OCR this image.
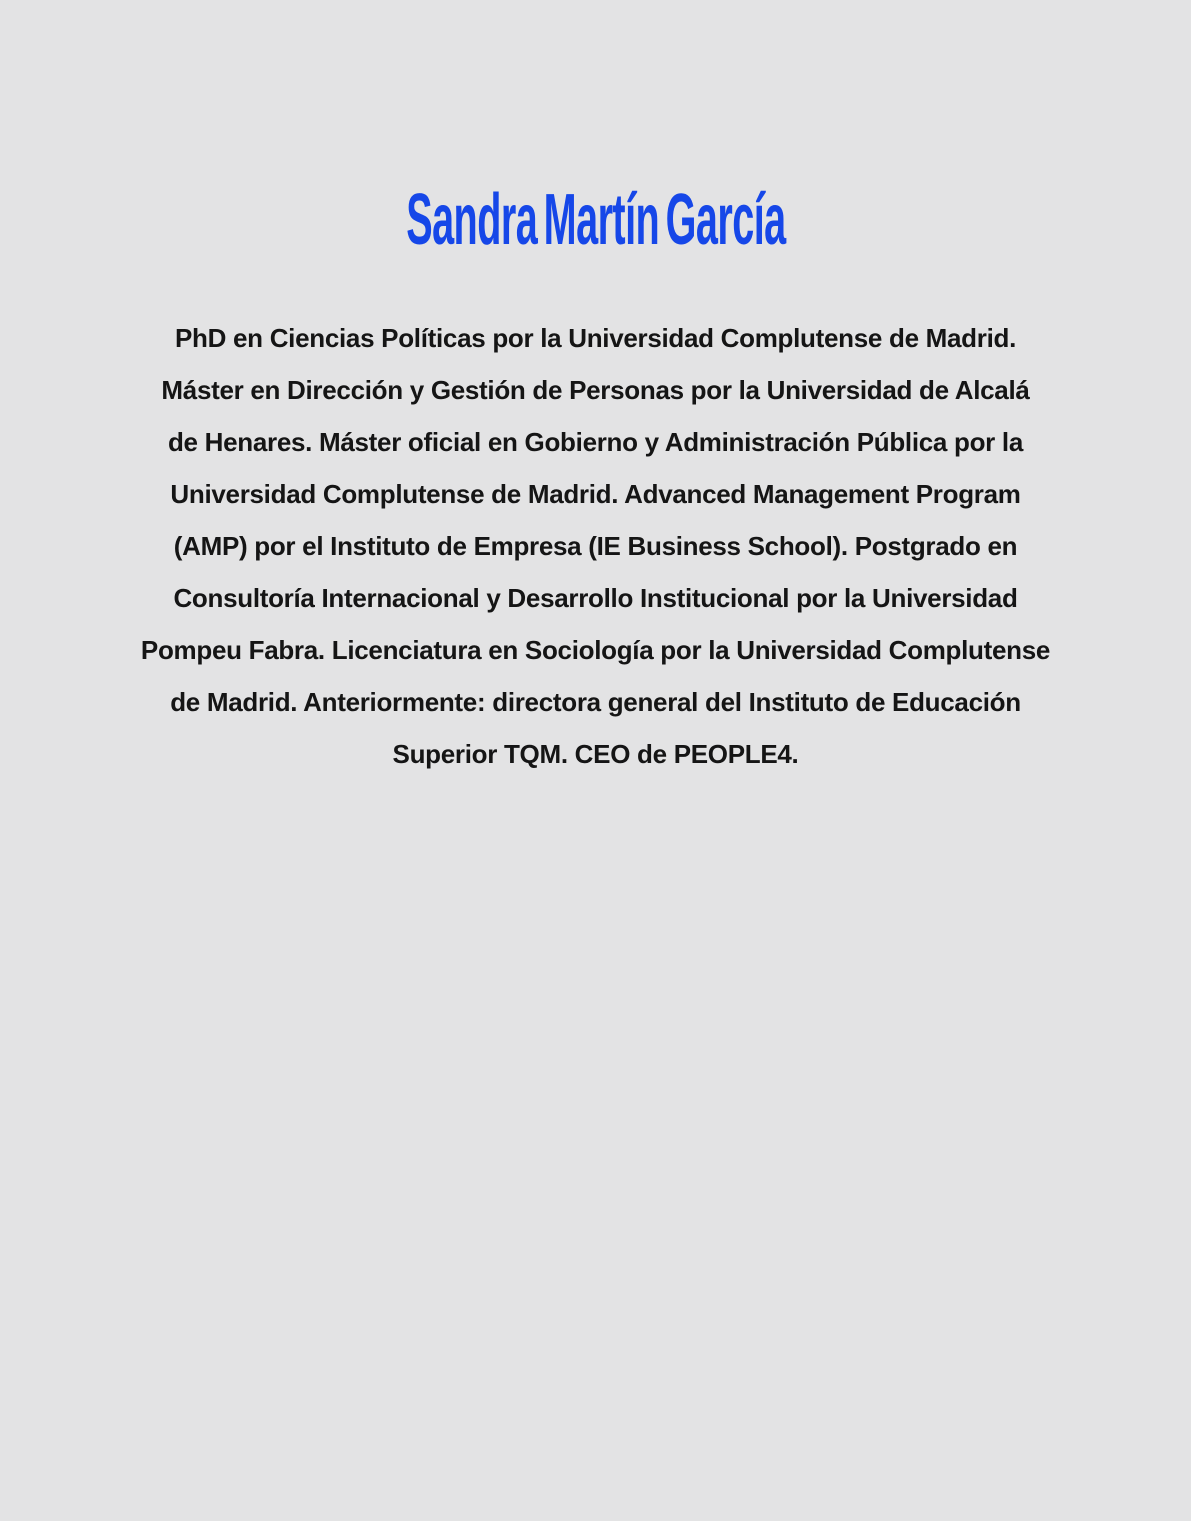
Sandra Martín García
PhD en Ciencias Políticas por la Universidad Complutense de Madrid.
Máster en Dirección y Gestión de Personas por la Universidad de Alcalá
de Henares. Máster oficial en Gobierno y Administración Pública por la
Universidad Complutense de Madrid. Advanced Management Program
(AMP) por el Instituto de Empresa (IE Business School). Postgrado en
Consultoría Internacional y Desarrollo Institucional por la Universidad
Pompeu Fabra. Licenciatura en Sociología por la Universidad Complutense
de Madrid. Anteriormente: directora general del Instituto de Educación
Superior TQM. CEO de PEOPLE4.
